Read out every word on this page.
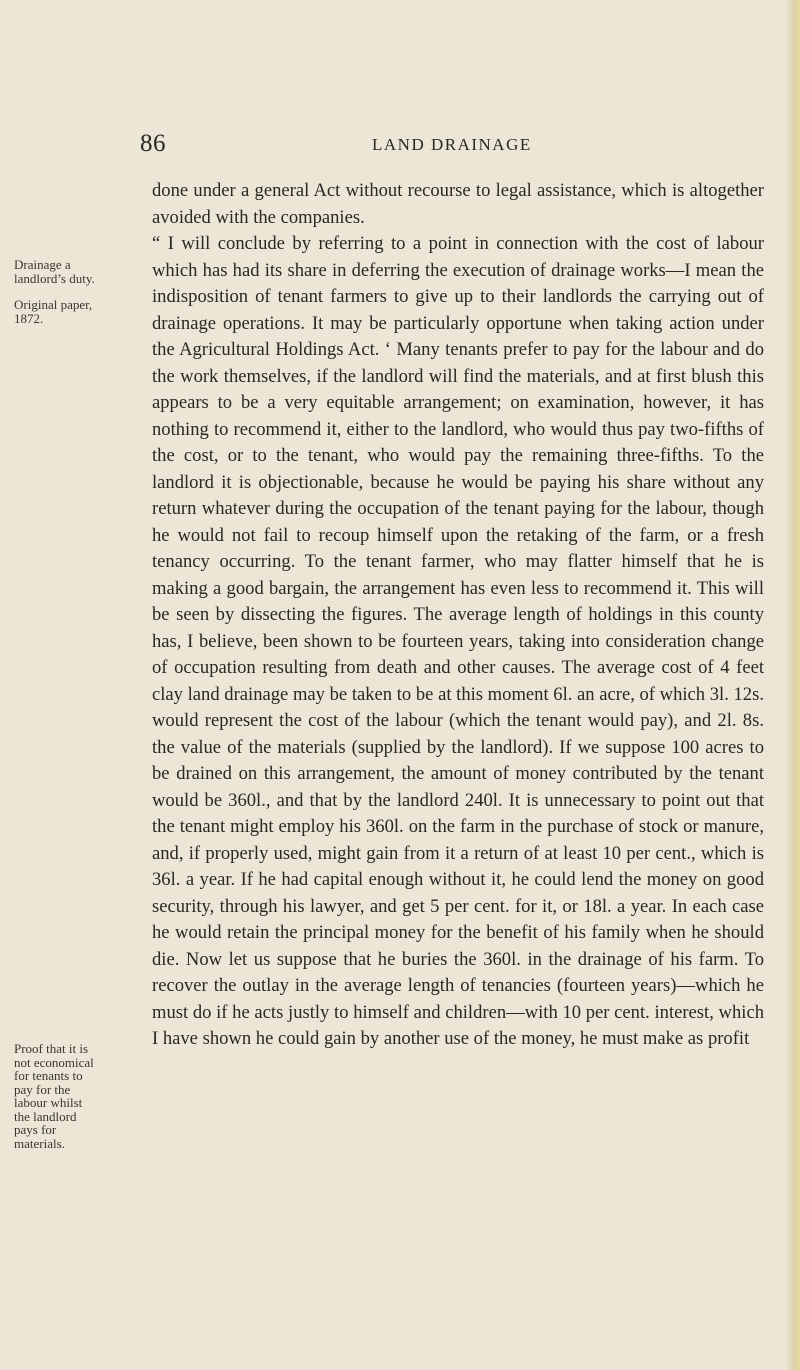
86	LAND DRAINAGE
Drainage a landlord’s duty.
Original paper, 1872.
Proof that it is not economical for tenants to pay for the labour whilst the landlord pays for materials.

done under a general Act without recourse to legal assistance, which is altogether avoided with the companies.

“ I will conclude by referring to a point in connection with the cost of labour which has had its share in deferring the execution of drainage works—I mean the indisposition of tenant farmers to give up to their landlords the carrying out of drainage operations. It may be particularly opportune when taking action under the Agricultural Holdings Act. ‘ Many tenants prefer to pay for the labour and do the work themselves, if the landlord will find the materials, and at first blush this appears to be a very equitable arrangement; on examination, however, it has nothing to recommend it, either to the landlord, who would thus pay two-fifths of the cost, or to the tenant, who would pay the remaining three-fifths. To the landlord it is objectionable, because he would be paying his share without any return whatever during the occupation of the tenant paying for the labour, though he would not fail to recoup himself upon the retaking of the farm, or a fresh tenancy occurring. To the tenant farmer, who may flatter himself that he is making a good bargain, the arrangement has even less to recommend it. This will be seen by dissecting the figures. The average length of holdings in this county has, I believe, been shown to be fourteen years, taking into consideration change of occupation resulting from death and other causes. The average cost of 4 feet clay land drainage may be taken to be at this moment 6l. an acre, of which 3l. 12s. would represent the cost of the labour (which the tenant would pay), and 2l. 8s. the value of the materials (supplied by the landlord). If we suppose 100 acres to be drained on this arrangement, the amount of money contributed by the tenant would be 360l., and that by the landlord 240l. It is unnecessary to point out that the tenant might employ his 360l. on the farm in the purchase of stock or manure, and, if properly used, might gain from it a return of at least 10 per cent., which is 36l. a year. If he had capital enough without it, he could lend the money on good security, through his lawyer, and get 5 per cent. for it, or 18l. a year. In each case he would retain the principal money for the benefit of his family when he should die. Now let us suppose that he buries the 360l. in the drainage of his farm. To recover the outlay in the average length of tenancies (fourteen years)—which he must do if he acts justly to himself and children—with 10 per cent. interest, which I have shown he could gain by another use of the money, he must make as profit
